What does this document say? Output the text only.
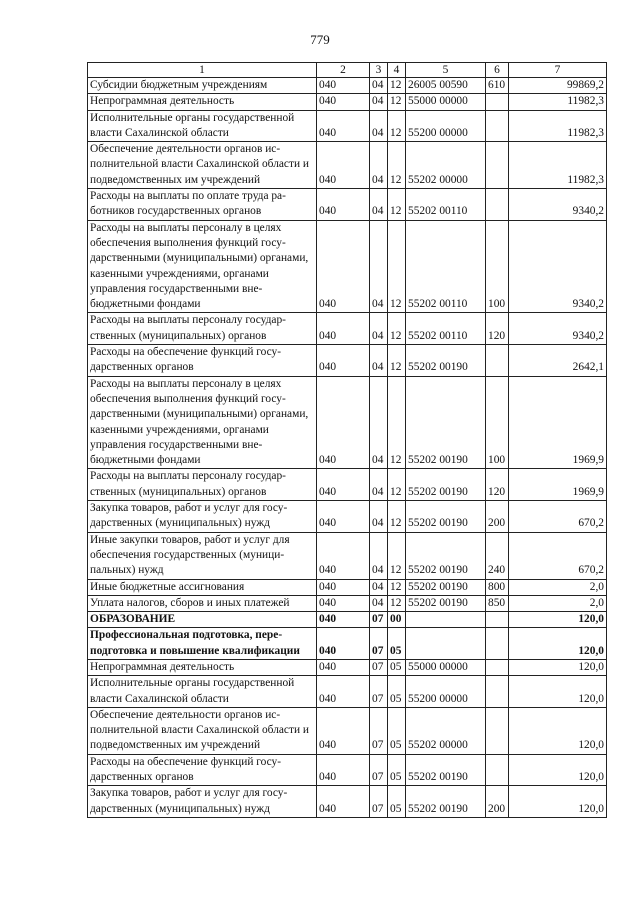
779
1	2	3	4	5	6	7
Субсидии бюджетным учреждениям	040	04	12	26005 00590	610	99869,2
Непрограммная деятельность	040	04	12	55000 00000		11982,3
Исполнительные органы государственной власти Сахалинской области	040	04	12	55200 00000		11982,3
Обеспечение деятельности органов исполнительной власти Сахалинской области и подведомственных им учреждений	040	04	12	55202 00000		11982,3
Расходы на выплаты по оплате труда работников государственных органов	040	04	12	55202 00110		9340,2
Расходы на выплаты персоналу в целях обеспечения выполнения функций государственными (муниципальными) органами, казенными учреждениями, органами управления государственными внебюджетными фондами	040	04	12	55202 00110	100	9340,2
Расходы на выплаты персоналу государственных (муниципальных) органов	040	04	12	55202 00110	120	9340,2
Расходы на обеспечение функций государственных органов	040	04	12	55202 00190		2642,1
Расходы на выплаты персоналу в целях обеспечения выполнения функций государственными (муниципальными) органами, казенными учреждениями, органами управления государственными внебюджетными фондами	040	04	12	55202 00190	100	1969,9
Расходы на выплаты персоналу государственных (муниципальных) органов	040	04	12	55202 00190	120	1969,9
Закупка товаров, работ и услуг для государственных (муниципальных) нужд	040	04	12	55202 00190	200	670,2
Иные закупки товаров, работ и услуг для обеспечения государственных (муниципальных) нужд	040	04	12	55202 00190	240	670,2
Иные бюджетные ассигнования	040	04	12	55202 00190	800	2,0
Уплата налогов, сборов и иных платежей	040	04	12	55202 00190	850	2,0
ОБРАЗОВАНИЕ	040	07	00			120,0
Профессиональная подготовка, переподготовка и повышение квалификации	040	07	05			120,0
Непрограммная деятельность	040	07	05	55000 00000		120,0
Исполнительные органы государственной власти Сахалинской области	040	07	05	55200 00000		120,0
Обеспечение деятельности органов исполнительной власти Сахалинской области и подведомственных им учреждений	040	07	05	55202 00000		120,0
Расходы на обеспечение функций государственных органов	040	07	05	55202 00190		120,0
Закупка товаров, работ и услуг для государственных (муниципальных) нужд	040	07	05	55202 00190	200	120,0
